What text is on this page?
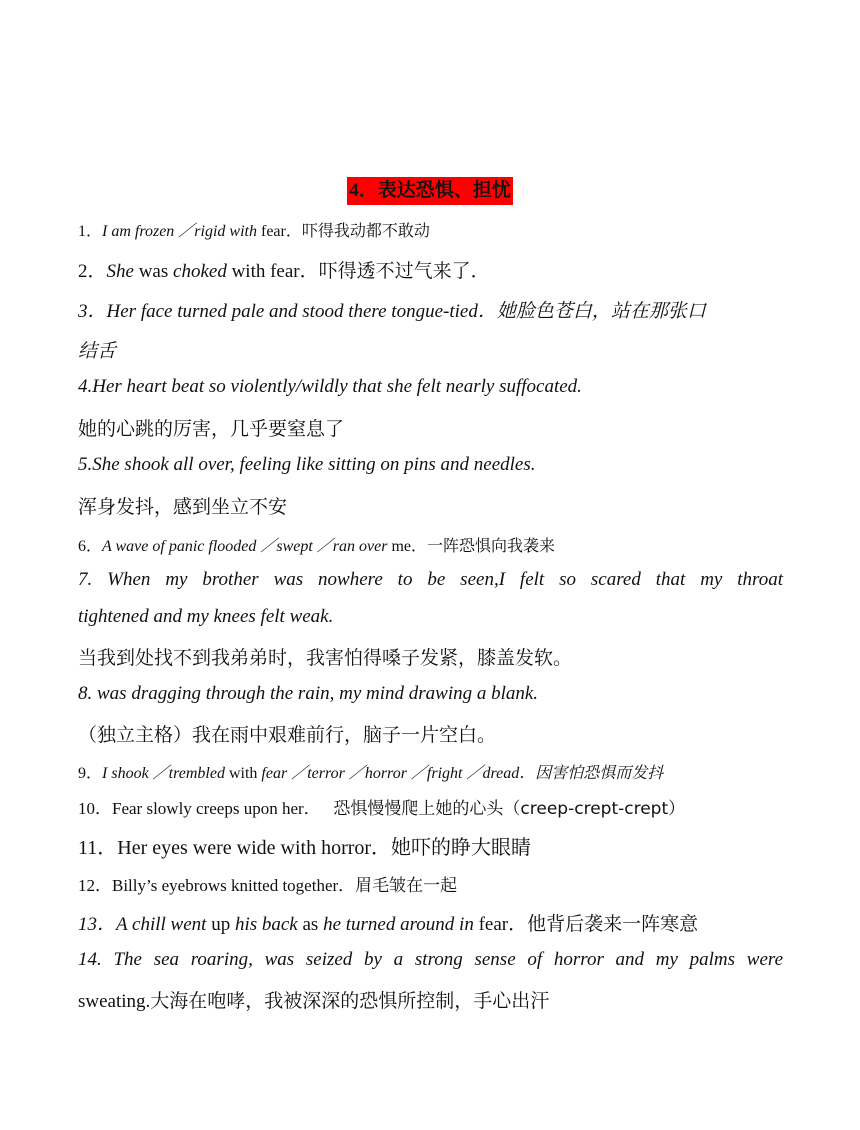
4．表达恐惧、担忧
1．I am frozen ／rigid with fear．吓得我动都不敢动
2．She was choked with fear．吓得透不过气来了．
3．Her face turned pale and stood there tongue-tied．她脸色苍白，站在那张口
结舌
4.Her heart beat so violently/wildly that she felt nearly suffocated.
她的心跳的厉害，几乎要窒息了
5.She shook all over, feeling like sitting on pins and needles.
浑身发抖，感到坐立不安
6．A wave of panic flooded ／swept ／ran over me．一阵恐惧向我袭来
7. When my brother was nowhere to be seen,I felt so scared that my throat
tightened and my knees felt weak.
当我到处找不到我弟弟时，我害怕得嗓子发紧，膝盖发软。
8. was dragging through the rain, my mind drawing a blank.
（独立主格）我在雨中艰难前行，脑子一片空白。
9．I shook ／trembled with fear ／terror ／horror ／fright ／dread．因害怕恐惧而发抖
10．Fear slowly creeps upon her． 恐惧慢慢爬上她的心头（creep-crept-crept）
11．Her eyes were wide with horror．她吓的睁大眼睛
12．Billy’s eyebrows knitted together．眉毛皱在一起
13．A chill went up his back as he turned around in fear．他背后袭来一阵寒意
14. The sea roaring, was seized by a strong sense of horror and my palms were
sweating.大海在咆哮，我被深深的恐惧所控制，手心出汗
